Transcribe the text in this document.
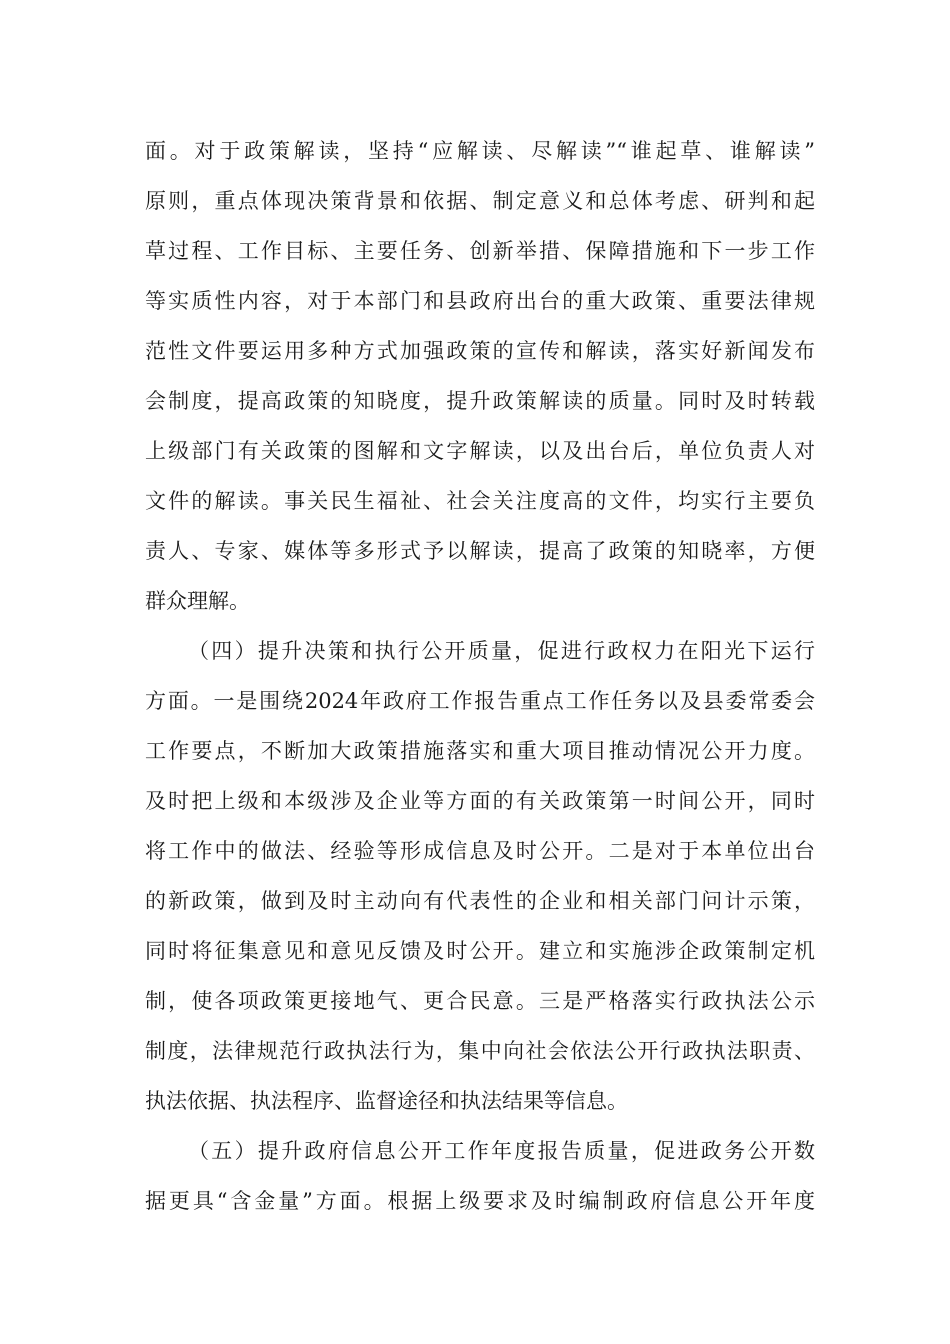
面。对于政策解读，坚持“应解读、尽解读”“谁起草、谁解读”
原则，重点体现决策背景和依据、制定意义和总体考虑、研判和起
草过程、工作目标、主要任务、创新举措、保障措施和下一步工作
等实质性内容，对于本部门和县政府出台的重大政策、重要法律规
范性文件要运用多种方式加强政策的宣传和解读，落实好新闻发布
会制度，提高政策的知晓度，提升政策解读的质量。同时及时转载
上级部门有关政策的图解和文字解读，以及出台后，单位负责人对
文件的解读。事关民生福祉、社会关注度高的文件，均实行主要负
责人、专家、媒体等多形式予以解读，提高了政策的知晓率，方便
群众理解。
（四）提升决策和执行公开质量，促进行政权力在阳光下运行
方面。一是围绕2024年政府工作报告重点工作任务以及县委常委会
工作要点，不断加大政策措施落实和重大项目推动情况公开力度。
及时把上级和本级涉及企业等方面的有关政策第一时间公开，同时
将工作中的做法、经验等形成信息及时公开。二是对于本单位出台
的新政策，做到及时主动向有代表性的企业和相关部门问计示策，
同时将征集意见和意见反馈及时公开。建立和实施涉企政策制定机
制，使各项政策更接地气、更合民意。三是严格落实行政执法公示
制度，法律规范行政执法行为，集中向社会依法公开行政执法职责、
执法依据、执法程序、监督途径和执法结果等信息。
（五）提升政府信息公开工作年度报告质量，促进政务公开数
据更具“含金量”方面。根据上级要求及时编制政府信息公开年度
